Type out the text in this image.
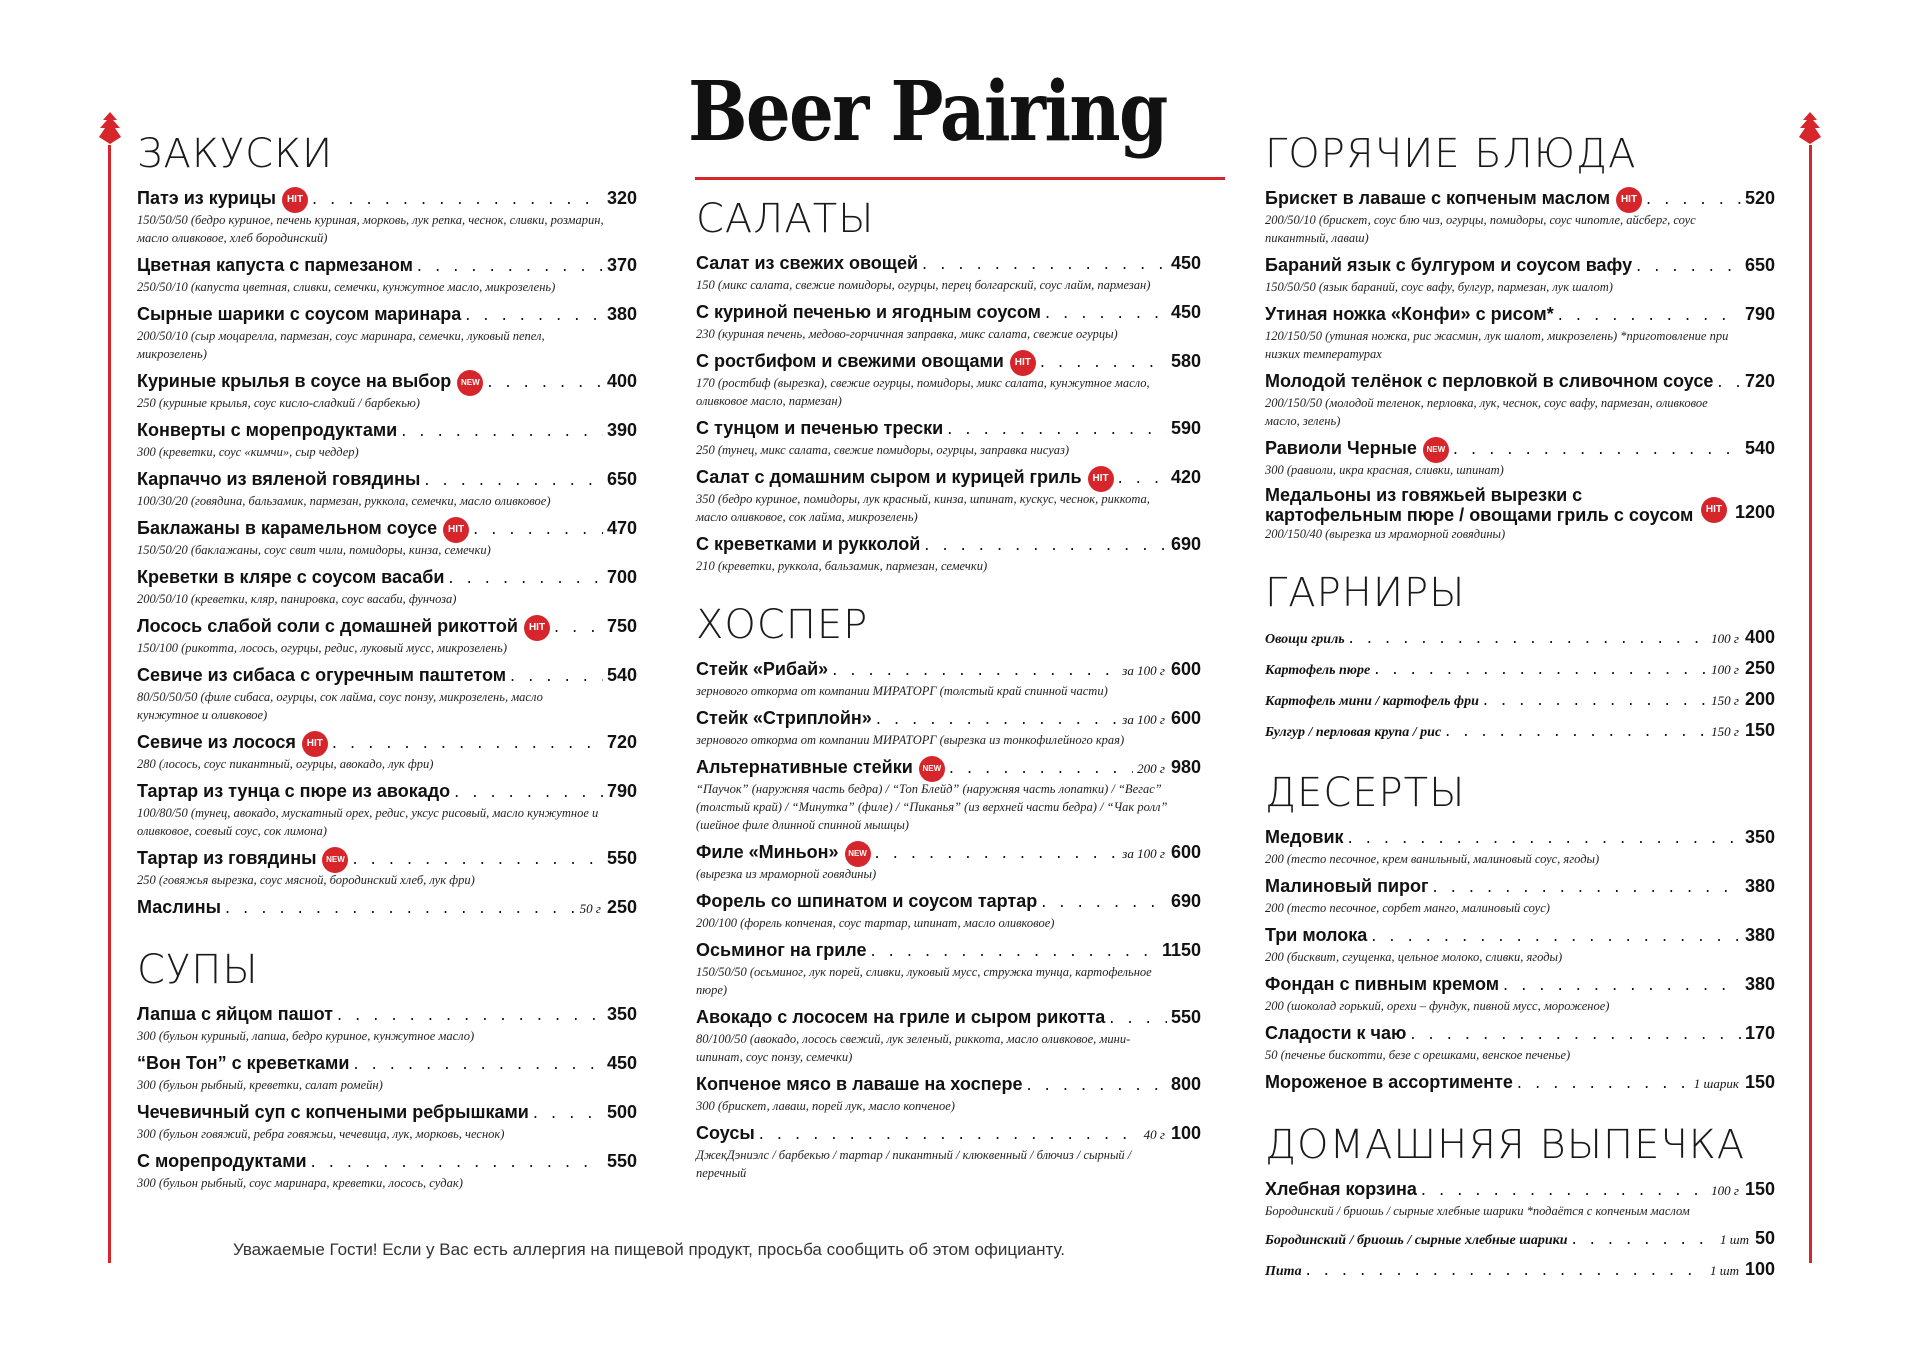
Beer Pairing
ЗАКУСКИ
Патэ из курицы	HIT . . .	320
150/50/50 (бедро куриное, печень куриная, морковь, лук репка, чеснок, сливки, розмарин, масло оливковое, хлеб бородинский)
Цветная капуста с пармезаном . . .	370
250/50/10 (капуста цветная, сливки, семечки, кунжутное масло, микрозелень)
Сырные шарики с соусом маринара . . .	380
200/50/10 (сыр моцарелла, пармезан, соус маринара, семечки, луковый пепел, микрозелень)
Куриные крылья в соусе на выбор	NEW . . .	400
250 (куриные крылья, соус кисло-сладкий / барбекью)
Конверты с морепродуктами . . .	390
300 (креветки, соус «кимчи», сыр чеддер)
Карпаччо из вяленой говядины . . .	650
100/30/20 (говядина, бальзамик, пармезан, руккола, семечки, масло оливковое)
Баклажаны в карамельном соусе	HIT . . .	470
150/50/20 (баклажаны, соус свит чили, помидоры, кинза, семечки)
Креветки в кляре с соусом васаби . . .	700
200/50/10 (креветки, кляр, панировка, соус васаби, фунчоза)
Лосось слабой соли с домашней рикоттой	HIT . . .	750
150/100 (рикотта, лосось, огурцы, редис, луковый мусс, микрозелень)
Севиче из сибаса с огуречным паштетом . . .	540
80/50/50/50 (филе сибаса, огурцы, сок лайма, соус понзу, микрозелень, масло кунжутное и оливковое)
Севиче из лосося	HIT . . .	720
280 (лосось, соус пикантный, огурцы, авокадо, лук фри)
Тартар из тунца с пюре из авокадо . . .	790
100/80/50 (тунец, авокадо, мускатный орех, редис, уксус рисовый, масло кунжутное и оливковое, соевый соус, сок лимона)
Тартар из говядины	NEW . . .	550
250 (говяжья вырезка, соус мясной, бородинский хлеб, лук фри)
Маслины . . .	50 г 250
СУПЫ
Лапша с яйцом пашот . . .	350
300 (бульон куриный, лапша, бедро куриное, кунжутное масло)
“Вон Тон” с креветками . . .	450
300 (бульон рыбный, креветки, салат ромейн)
Чечевичный суп с копчеными ребрышками . . .	500
300 (бульон говяжий, ребра говяжьи, чечевица, лук, морковь, чеснок)
С морепродуктами . . .	550
300 (бульон рыбный, соус маринара, креветки, лосось, судак)
САЛАТЫ
Салат из свежих овощей . . .	450
150 (микс салата, свежие помидоры, огурцы, перец болгарский, соус лайм, пармезан)
С куриной печенью и ягодным соусом . . .	450
230 (куриная печень, медово-горчичная заправка, микс салата, свежие огурцы)
С ростбифом и свежими овощами	HIT . . .	580
170 (ростбиф (вырезка), свежие огурцы, помидоры, микс салата, кунжутное масло, оливковое масло, пармезан)
С тунцом и печенью трески . . .	590
250 (тунец, микс салата, свежие помидоры, огурцы, заправка нисуаз)
Салат с домашним сыром и курицей гриль	HIT . . .	420
350 (бедро куриное, помидоры, лук красный, кинза, шпинат, кускус, чеснок, риккота, масло оливковое, сок лайма, микрозелень)
С креветками и рукколой . . .	690
210 (креветки, руккола, бальзамик, пармезан, семечки)
ХОСПЕР
Стейк «Рибай» . . .	за 100 г 600
зернового откорма от компании МИРАТОРГ (толстый край спинной части)
Стейк «Стриплойн» . . .	за 100 г 600
зернового откорма от компании МИРАТОРГ (вырезка из тонкофилейного края)
Альтернативные стейки	NEW . . .	200 г 980
“Паучок” (наружняя часть бедра) / “Топ Блейд” (наружняя часть лопатки) / “Вегас” (толстый край) / “Минутка” (филе) / “Пиканья” (из верхней части бедра) / “Чак ролл” (шейное филе длинной спинной мышцы)
Филе «Миньон»	NEW . . .	за 100 г 600
(вырезка из мраморной говядины)
Форель со шпинатом и соусом тартар . . .	690
200/100 (форель копченая, соус тартар, шпинат, масло оливковое)
Осьминог на гриле . . .	1150
150/50/50 (осьминог, лук порей, сливки, луковый мусс, стружка тунца, картофельное пюре)
Авокадо с лососем на гриле и сыром рикотта . . .	550
80/100/50 (авокадо, лосось свежий, лук зеленый, риккота, масло оливковое, мини-шпинат, соус понзу, семечки)
Копченое мясо в лаваше на хоспере . . .	800
300 (брискет, лаваш, порей лук, масло копченое)
Соусы . . .	40 г 100
ДжекДэниэлс / барбекью / тартар / пикантный / клюквенный / блючиз / сырный / перечный
ГОРЯЧИЕ БЛЮДА
Брискет в лаваше с копченым маслом	HIT . . .	520
200/50/10 (брискет, соус блю чиз, огурцы, помидоры, соус чипотле, айсберг, соус пикантный, лаваш)
Бараний язык с булгуром и соусом вафу . . .	650
150/50/50 (язык бараний, соус вафу, булгур, пармезан, лук шалот)
Утиная ножка «Конфи» с рисом* . . .	790
120/150/50 (утиная ножка, рис жасмин, лук шалот, микрозелень) *приготовление при низких температурах
Молодой телёнок с перловкой в сливочном соусе . . . 720
200/150/50 (молодой теленок, перловка, лук, чеснок, соус вафу, пармезан, оливковое масло, зелень)
Равиоли Черные	NEW . . .	540
300 (равиоли, икра красная, сливки, шпинат)
Медальоны из говяжьей вырезки с картофельным пюре / овощами гриль с соусом	HIT 1200
200/150/40 (вырезка из мраморной говядины)
ГАРНИРЫ
Овощи гриль . . .	100 г 400
Картофель пюре . . .	100 г 250
Картофель мини / картофель фри . . .	150 г 200
Булгур / перловая крупа / рис . . .	150 г 150
ДЕСЕРТЫ
Медовик . . .	350
200 (тесто песочное, крем ванильный, малиновый соус, ягоды)
Малиновый пирог . . .	380
200 (тесто песочное, сорбет манго, малиновый соус)
Три молока . . .	380
200 (бисквит, сгущенка, цельное молоко, сливки, ягоды)
Фондан с пивным кремом . . .	380
200 (шоколад горький, орехи – фундук, пивной мусс, мороженое)
Сладости к чаю . . .	170
50 (печенье бискотти, безе с орешками, венское печенье)
Мороженое в ассортименте . . .	1 шарик 150
ДОМАШНЯЯ ВЫПЕЧКА
Хлебная корзина . . .	100 г 150
Бородинский / бриошь / сырные хлебные шарики *подаётся с копченым маслом
Бородинский / бриошь / сырные хлебные шарики . . .	1 шт 50
Пита . . .	1 шт 100
Уважаемые Гости! Если у Вас есть аллергия на пищевой продукт, просьба сообщить об этом официанту.
